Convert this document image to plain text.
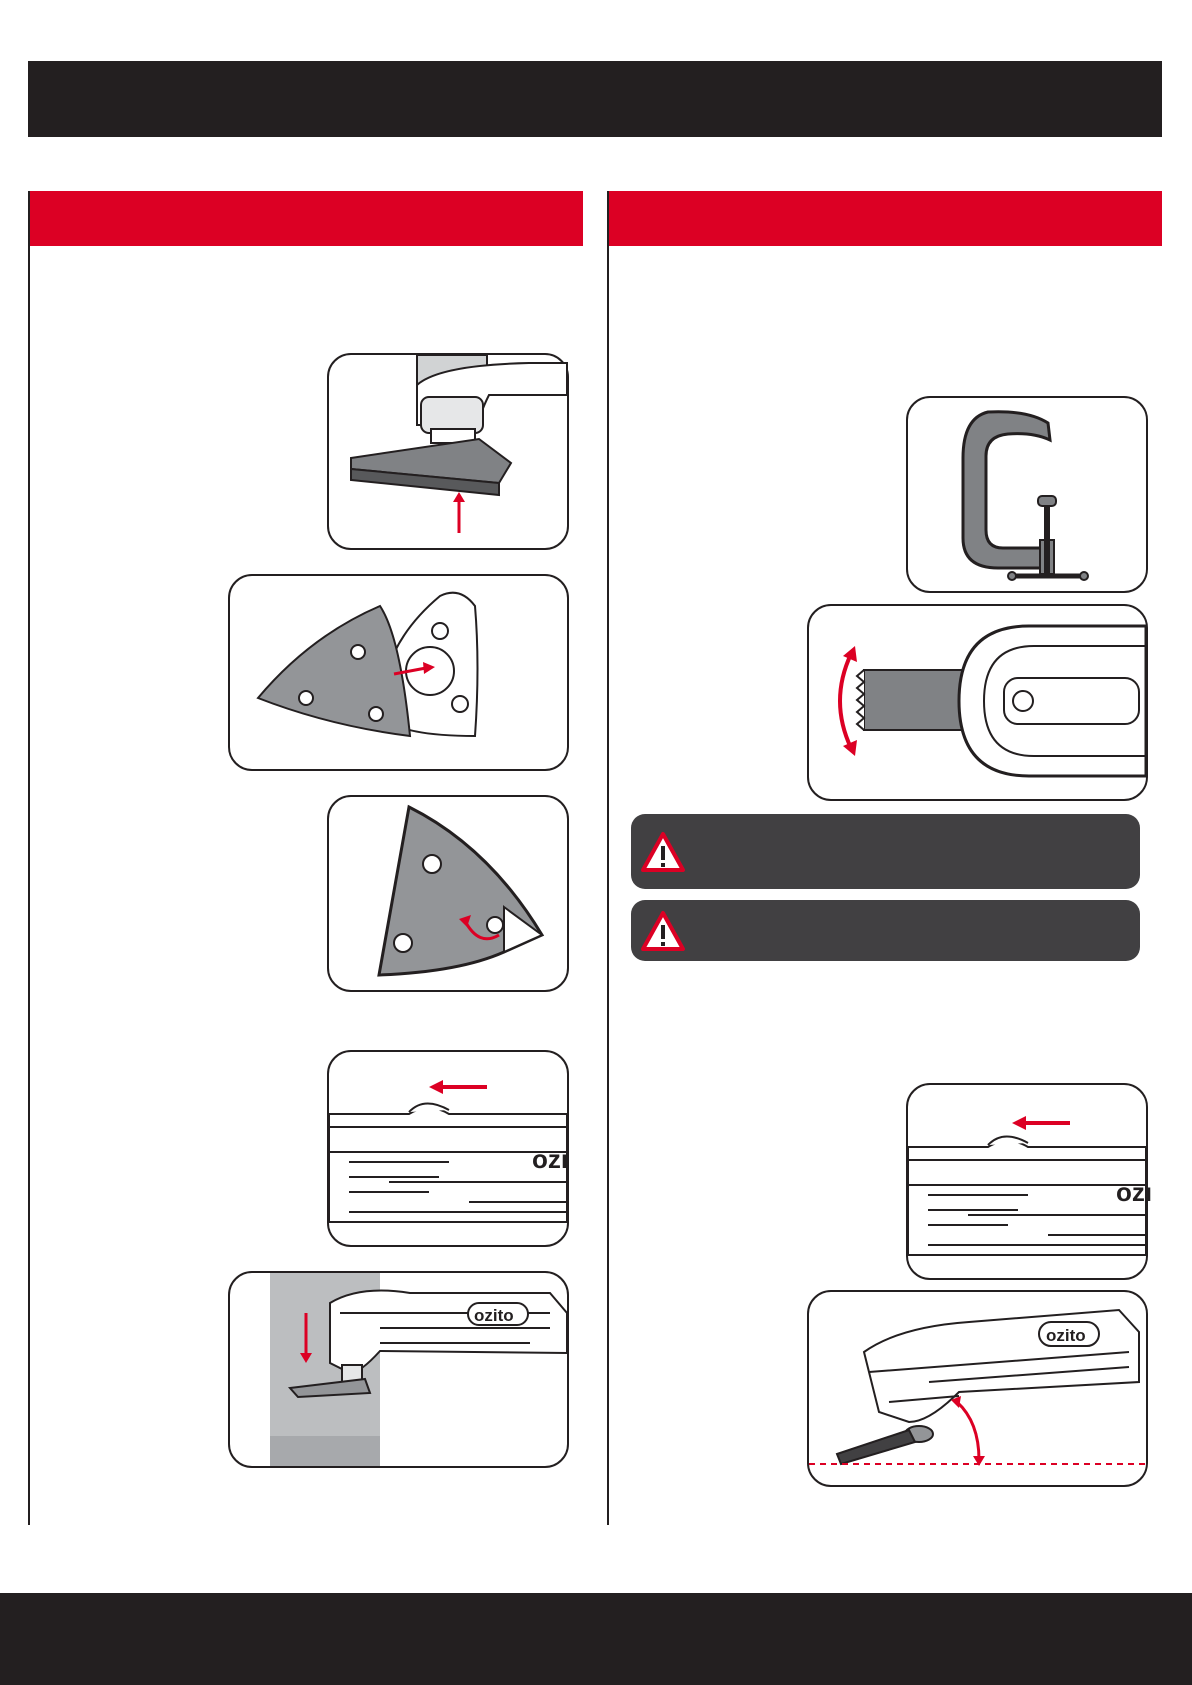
ozı
ozito
ozı
ozito
